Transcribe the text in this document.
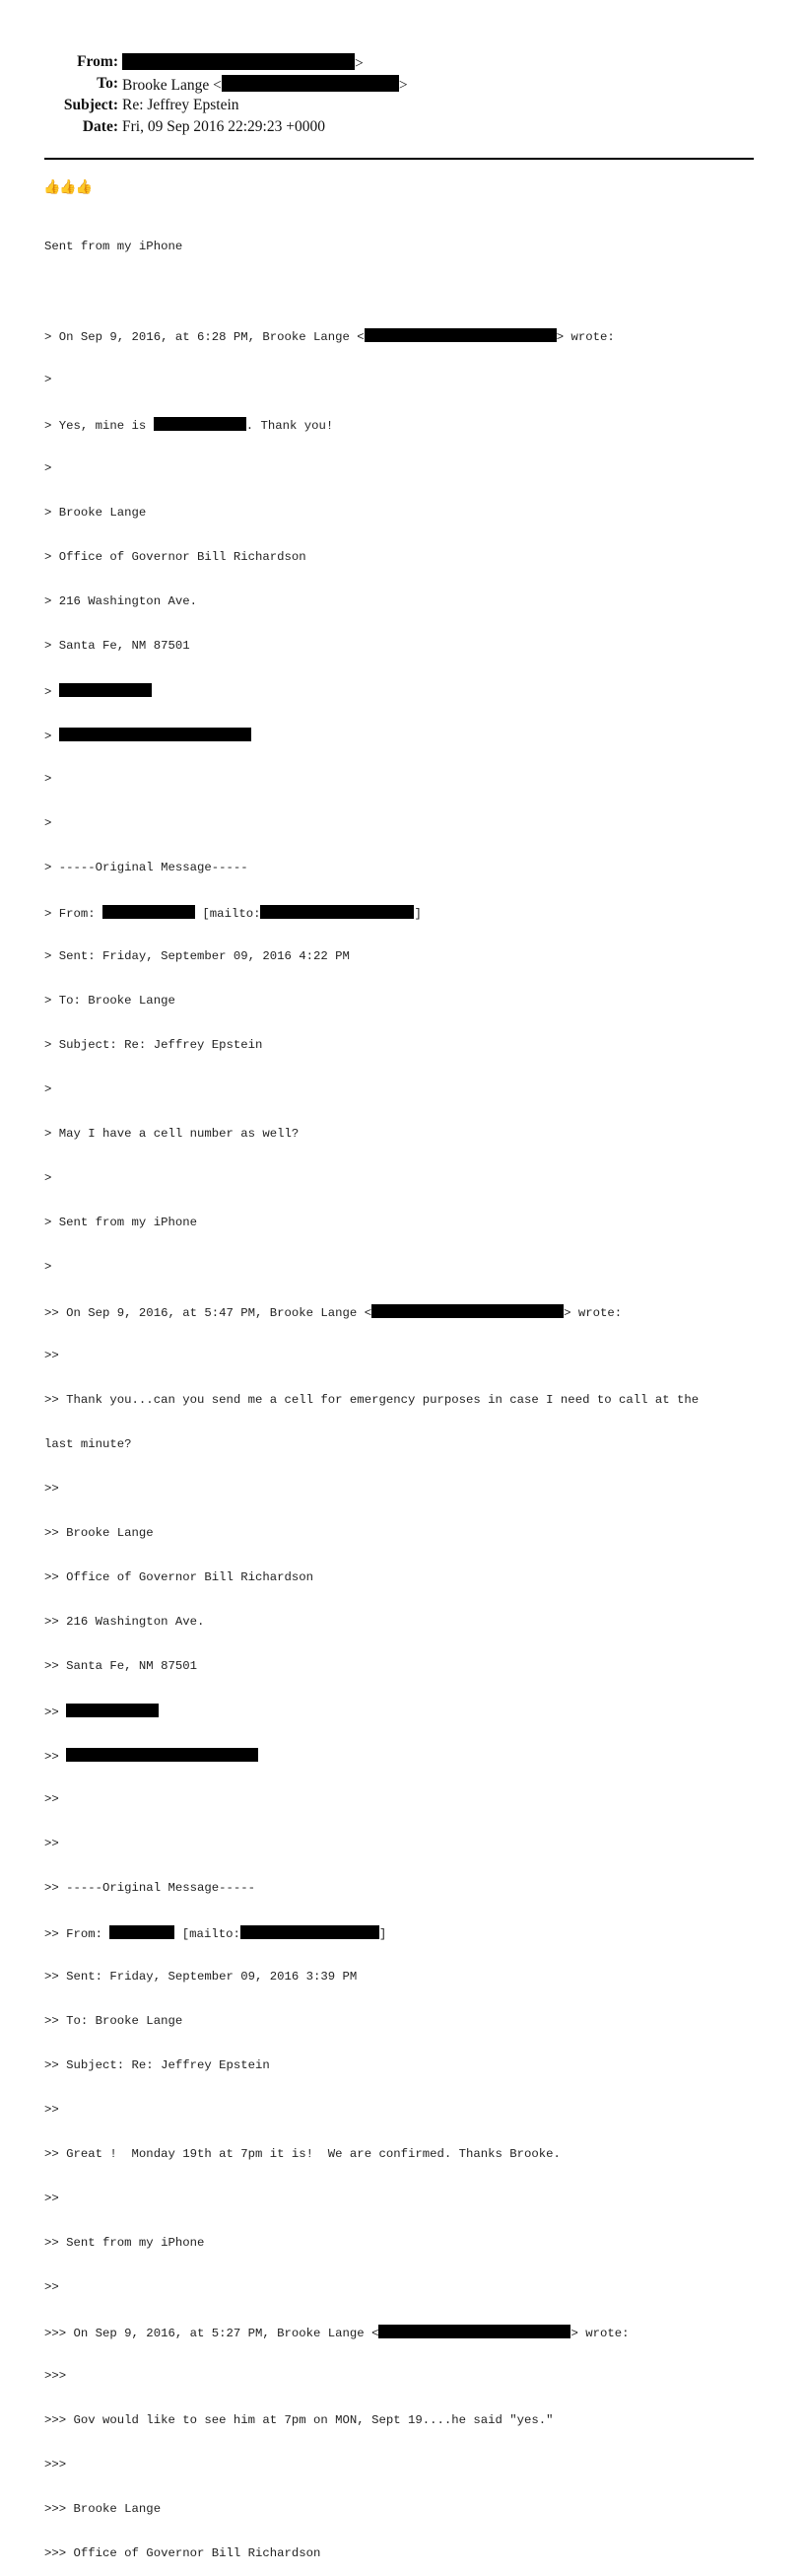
From:	>
To: Brooke Lange <	>
Subject: Re: Jeffrey Epstein
Date: Fri, 09 Sep 2016 22:29:23 +0000
👍👍👍

Sent from my iPhone

> On Sep 9, 2016, at 6:28 PM, Brooke Lange <	> wrote:

>

> Yes, mine is	. Thank you!

>

> Brooke Lange

> Office of Governor Bill Richardson

> 216 Washington Ave.

> Santa Fe, NM 87501

>

>

>

>

> -----Original Message-----

> From:	[mailto:	]

> Sent: Friday, September 09, 2016 4:22 PM

> To: Brooke Lange

> Subject: Re: Jeffrey Epstein

>

> May I have a cell number as well?

>

> Sent from my iPhone

>

>> On Sep 9, 2016, at 5:47 PM, Brooke Lange <	> wrote:

>>

>> Thank you...can you send me a cell for emergency purposes in case I need to call at the

last minute?

>>

>> Brooke Lange

>> Office of Governor Bill Richardson

>> 216 Washington Ave.

>> Santa Fe, NM 87501

>>

>>

>>

>>

>> -----Original Message-----

>> From:	[mailto:	]

>> Sent: Friday, September 09, 2016 3:39 PM

>> To: Brooke Lange

>> Subject: Re: Jeffrey Epstein

>>

>> Great !  Monday 19th at 7pm it is!  We are confirmed. Thanks Brooke.

>>

>> Sent from my iPhone

>>

>>> On Sep 9, 2016, at 5:27 PM, Brooke Lange <	> wrote:

>>>

>>> Gov would like to see him at 7pm on MON, Sept 19....he said "yes."

>>>

>>> Brooke Lange

>>> Office of Governor Bill Richardson
